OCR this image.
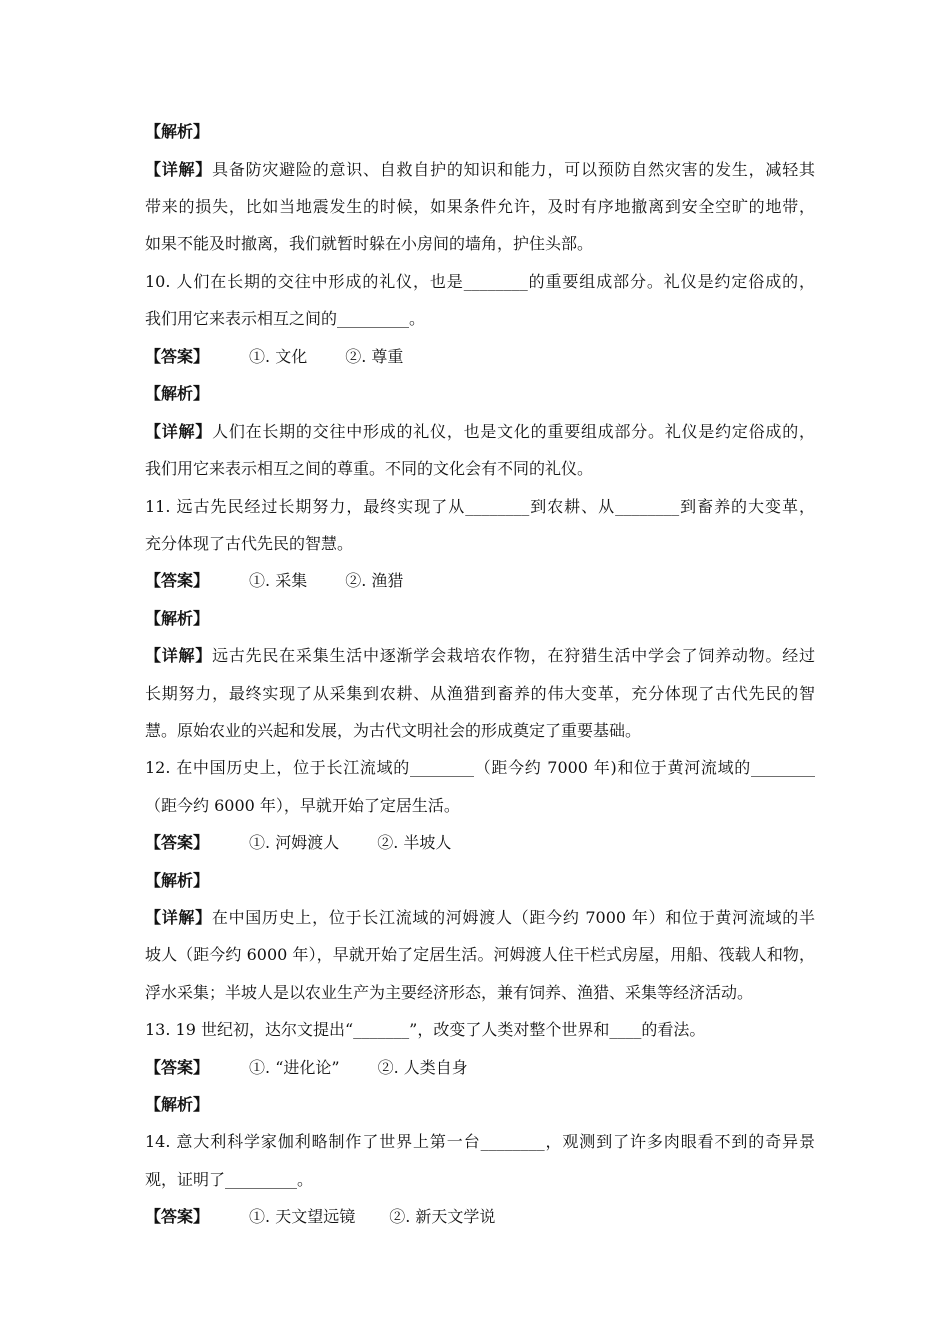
【解析】
【详解】具备防灾避险的意识、自救自护的知识和能力，可以预防自然灾害的发生，减轻其
带来的损失，比如当地震发生的时候，如果条件允许，及时有序地撤离到安全空旷的地带，
如果不能及时撤离，我们就暂时躲在小房间的墙角，护住头部。
10. 人们在长期的交往中形成的礼仪，也是________的重要组成部分。礼仪是约定俗成的，
我们用它来表示相互之间的_________。
【答案】	①. 文化 ②. 尊重
【解析】
【详解】人们在长期的交往中形成的礼仪，也是文化的重要组成部分。礼仪是约定俗成的，
我们用它来表示相互之间的尊重。不同的文化会有不同的礼仪。
11. 远古先民经过长期努力，最终实现了从________到农耕、从________到畜养的大变革，
充分体现了古代先民的智慧。
【答案】	①. 采集 ②. 渔猎
【解析】
【详解】远古先民在采集生活中逐渐学会栽培农作物，在狩猎生活中学会了饲养动物。经过
长期努力，最终实现了从采集到农耕、从渔猎到畜养的伟大变革，充分体现了古代先民的智
慧。原始农业的兴起和发展，为古代文明社会的形成奠定了重要基础。
12. 在中国历史上，位于长江流域的________（距今约 7000 年)和位于黄河流域的________
（距今约 6000 年），早就开始了定居生活。
【答案】	①. 河姆渡人 ②. 半坡人
【解析】
【详解】在中国历史上，位于长江流域的河姆渡人（距今约 7000 年）和位于黄河流域的半
坡人（距今约 6000 年），早就开始了定居生活。河姆渡人住干栏式房屋，用船、筏载人和物，
浮水采集；半坡人是以农业生产为主要经济形态，兼有饲养、渔猎、采集等经济活动。
13. 19 世纪初，达尔文提出“_______”，改变了人类对整个世界和____的看法。
【答案】	①. “进化论” ②. 人类自身
【解析】
14. 意大利科学家伽利略制作了世界上第一台________，观测到了许多肉眼看不到的奇异景
观，证明了_________。
【答案】	①. 天文望远镜 ②. 新天文学说
